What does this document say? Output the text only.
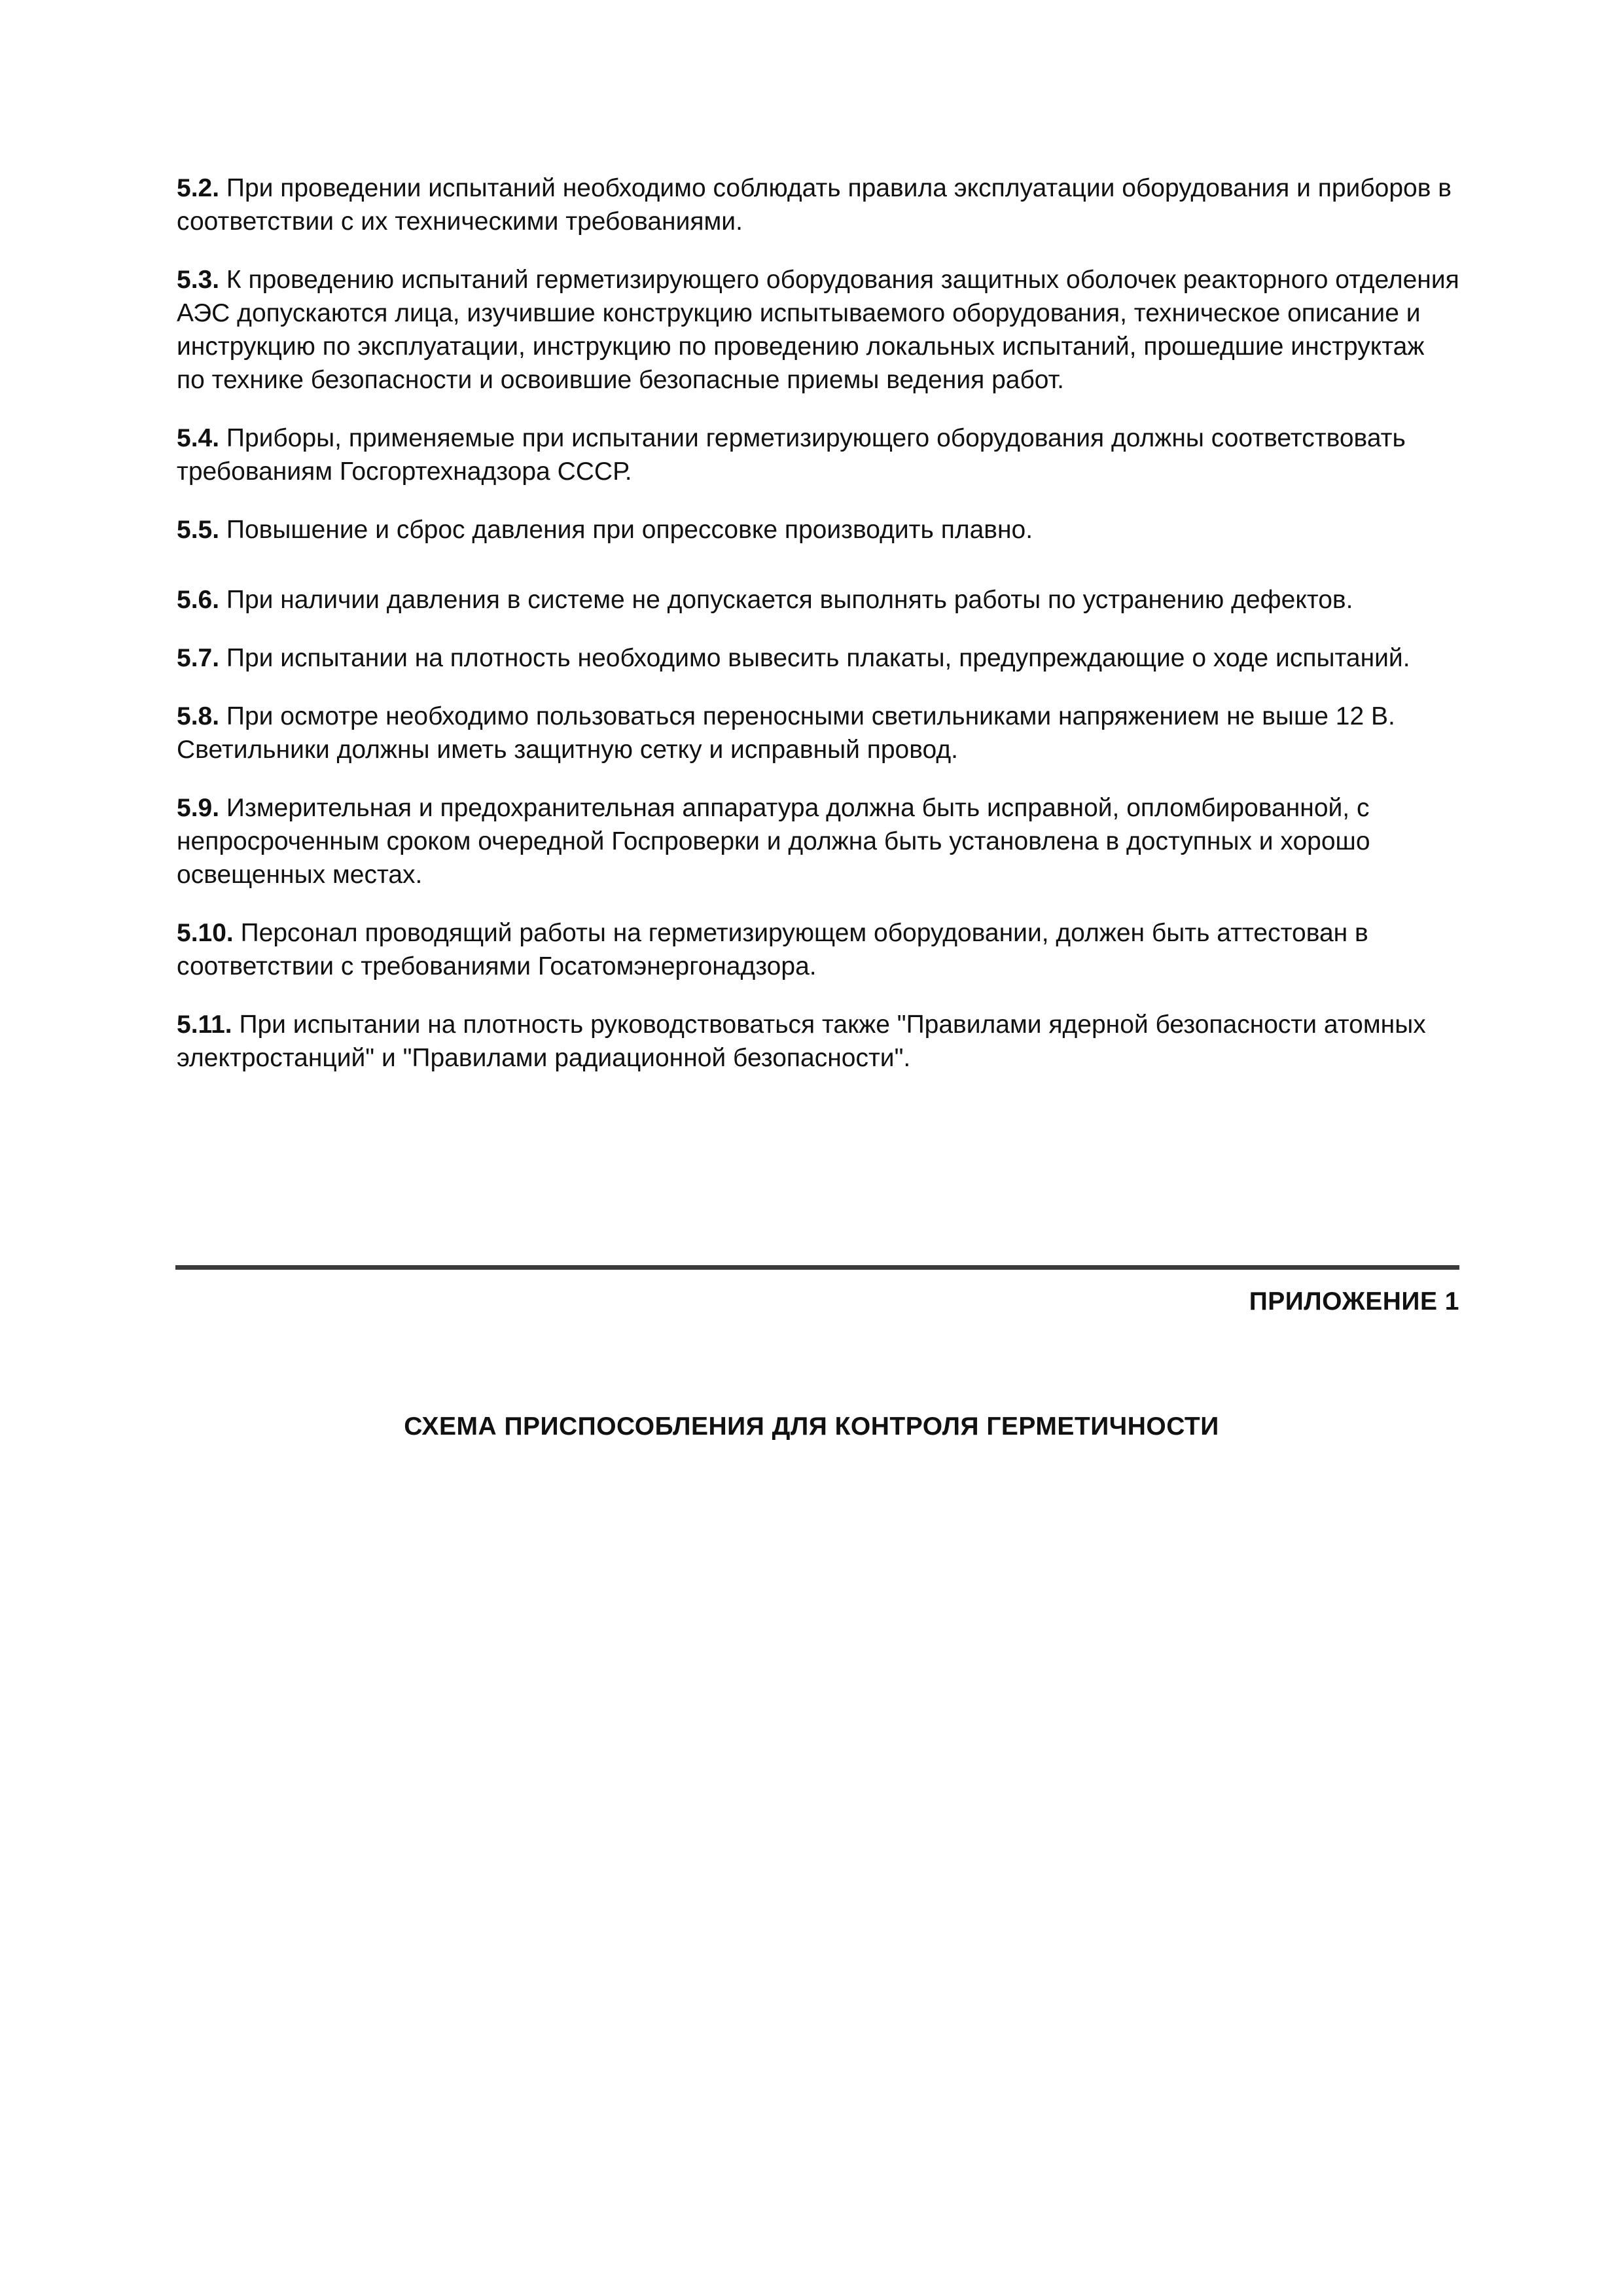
5.2. При проведении испытаний необходимо соблюдать правила эксплуатации оборудования и приборов в соответствии с их техническими требованиями.

5.3. К проведению испытаний герметизирующего оборудования защитных оболочек реакторного отделения АЭС допускаются лица, изучившие конструкцию испытываемого оборудования, техническое описание и инструкцию по эксплуатации, инструкцию по проведению локальных испытаний, прошедшие инструктаж по технике безопасности и освоившие безопасные приемы ведения работ.

5.4. Приборы, применяемые при испытании герметизирующего оборудования должны соответствовать требованиям Госгортехнадзора СССР.

5.5. Повышение и сброс давления при опрессовке производить плавно.

5.6. При наличии давления в системе не допускается выполнять работы по устранению дефектов.

5.7. При испытании на плотность необходимо вывесить плакаты, предупреждающие о ходе испытаний.

5.8. При осмотре необходимо пользоваться переносными светильниками напряжением не выше 12 В. Светильники должны иметь защитную сетку и исправный провод.

5.9. Измерительная и предохранительная аппаратура должна быть исправной, опломбированной, с непросроченным сроком очередной Госпроверки и должна быть установлена в доступных и хорошо освещенных местах.

5.10. Персонал проводящий работы на герметизирующем оборудовании, должен быть аттестован в соответствии с требованиями Госатомэнергонадзора.

5.11. При испытании на плотность руководствоваться также "Правилами ядерной безопасности атомных электростанций" и "Правилами радиационной безопасности".

ПРИЛОЖЕНИЕ 1
СХЕМА ПРИСПОСОБЛЕНИЯ ДЛЯ КОНТРОЛЯ ГЕРМЕТИЧНОСТИ
